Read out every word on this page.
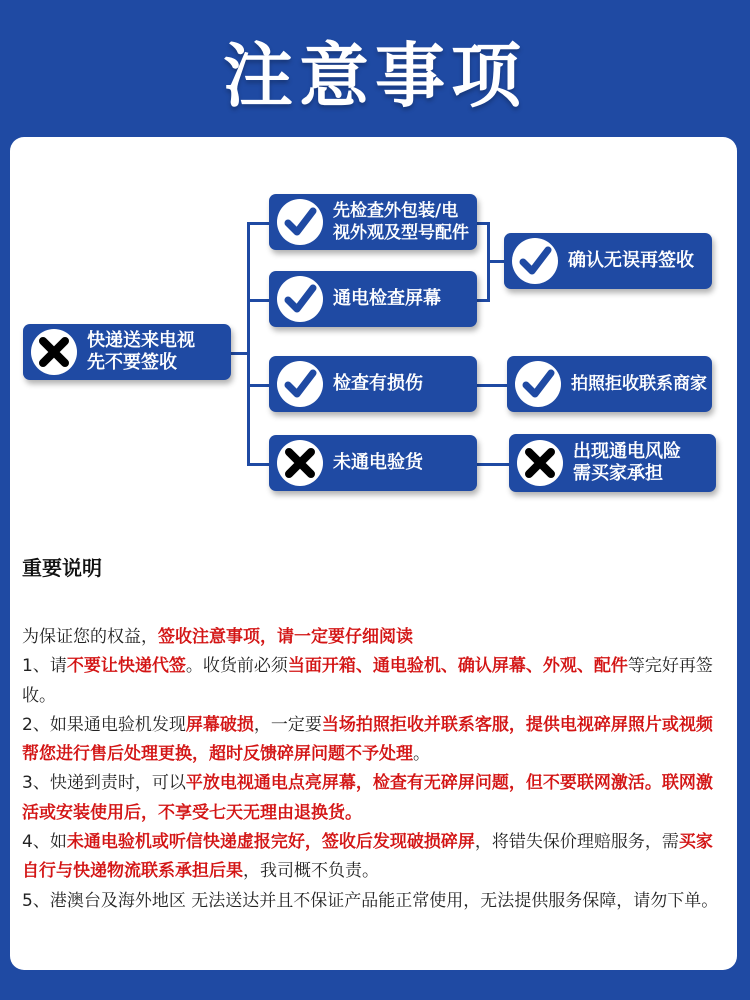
注意事项
快递送来电视
先不要签收
先检查外包装/电
视外观及型号配件
通电检查屏幕
确认无误再签收
检查有损伤	拍照拒收联系商家
未通电验货
出现通电风险
需买家承担
重要说明

为保证您的权益，签收注意事项，请一定要仔细阅读

1、请不要让快递代签。收货前必须当面开箱、通电验机、确认屏幕、外观、配件等完好再签收。

2、如果通电验机发现屏幕破损，一定要当场拍照拒收并联系客服，提供电视碎屏照片或视频帮您进行售后处理更换，超时反馈碎屏问题不予处理。

3、快递到责时，可以平放电视通电点亮屏幕，检查有无碎屏问题，但不要联网激活。联网激活或安装使用后，不享受七天无理由退换货。

4、如未通电验机或听信快递虚报完好，签收后发现破损碎屏，将错失保价理赔服务，需买家自行与快递物流联系承担后果，我司概不负责。

5、港澳台及海外地区 无法送达并且不保证产品能正常使用，无法提供服务保障，请勿下单。
